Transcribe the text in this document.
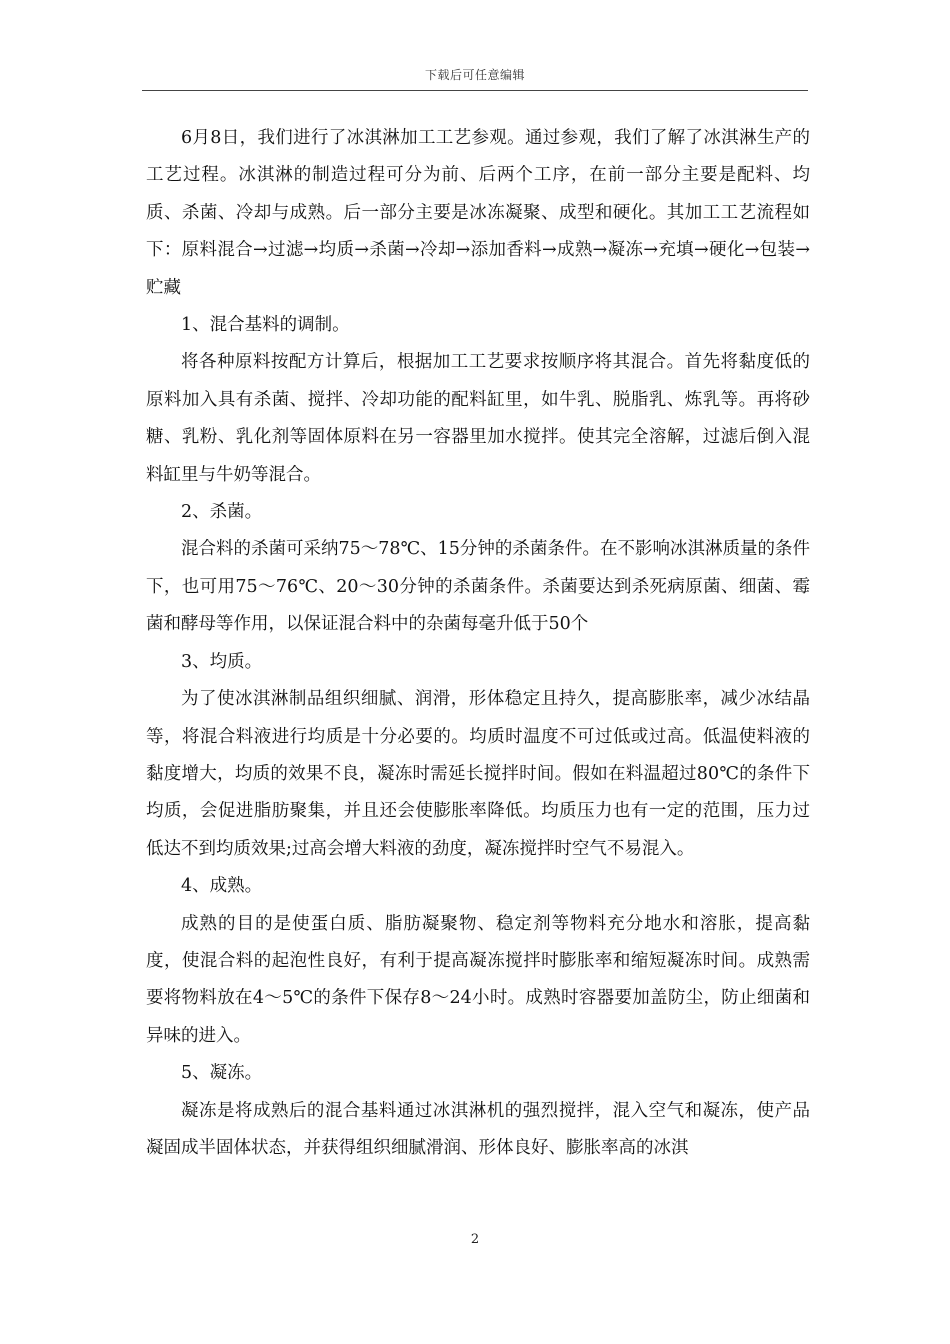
下载后可任意编辑

6月8日，我们进行了冰淇淋加工工艺参观。通过参观，我们了解了冰淇淋生产的工艺过程。冰淇淋的制造过程可分为前、后两个工序，在前一部分主要是配料、均质、杀菌、冷却与成熟。后一部分主要是冰冻凝聚、成型和硬化。其加工工艺流程如下：原料混合→过滤→均质→杀菌→冷却→添加香料→成熟→凝冻→充填→硬化→包装→贮藏

1、混合基料的调制。

将各种原料按配方计算后，根据加工工艺要求按顺序将其混合。首先将黏度低的原料加入具有杀菌、搅拌、冷却功能的配料缸里，如牛乳、脱脂乳、炼乳等。再将砂糖、乳粉、乳化剂等固体原料在另一容器里加水搅拌。使其完全溶解，过滤后倒入混料缸里与牛奶等混合。

2、杀菌。

混合料的杀菌可采纳75～78℃、15分钟的杀菌条件。在不影响冰淇淋质量的条件下，也可用75～76℃、20～30分钟的杀菌条件。杀菌要达到杀死病原菌、细菌、霉菌和酵母等作用，以保证混合料中的杂菌每毫升低于50个

3、均质。

为了使冰淇淋制品组织细腻、润滑，形体稳定且持久，提高膨胀率，减少冰结晶等，将混合料液进行均质是十分必要的。均质时温度不可过低或过高。低温使料液的黏度增大，均质的效果不良，凝冻时需延长搅拌时间。假如在料温超过80℃的条件下均质，会促进脂肪聚集，并且还会使膨胀率降低。均质压力也有一定的范围，压力过低达不到均质效果;过高会增大料液的劲度，凝冻搅拌时空气不易混入。

4、成熟。

成熟的目的是使蛋白质、脂肪凝聚物、稳定剂等物料充分地水和溶胀，提高黏度，使混合料的起泡性良好，有利于提高凝冻搅拌时膨胀率和缩短凝冻时间。成熟需要将物料放在4～5℃的条件下保存8～24小时。成熟时容器要加盖防尘，防止细菌和异味的进入。

5、凝冻。

凝冻是将成熟后的混合基料通过冰淇淋机的强烈搅拌，混入空气和凝冻，使产品凝固成半固体状态，并获得组织细腻滑润、形体良好、膨胀率高的冰淇

2
